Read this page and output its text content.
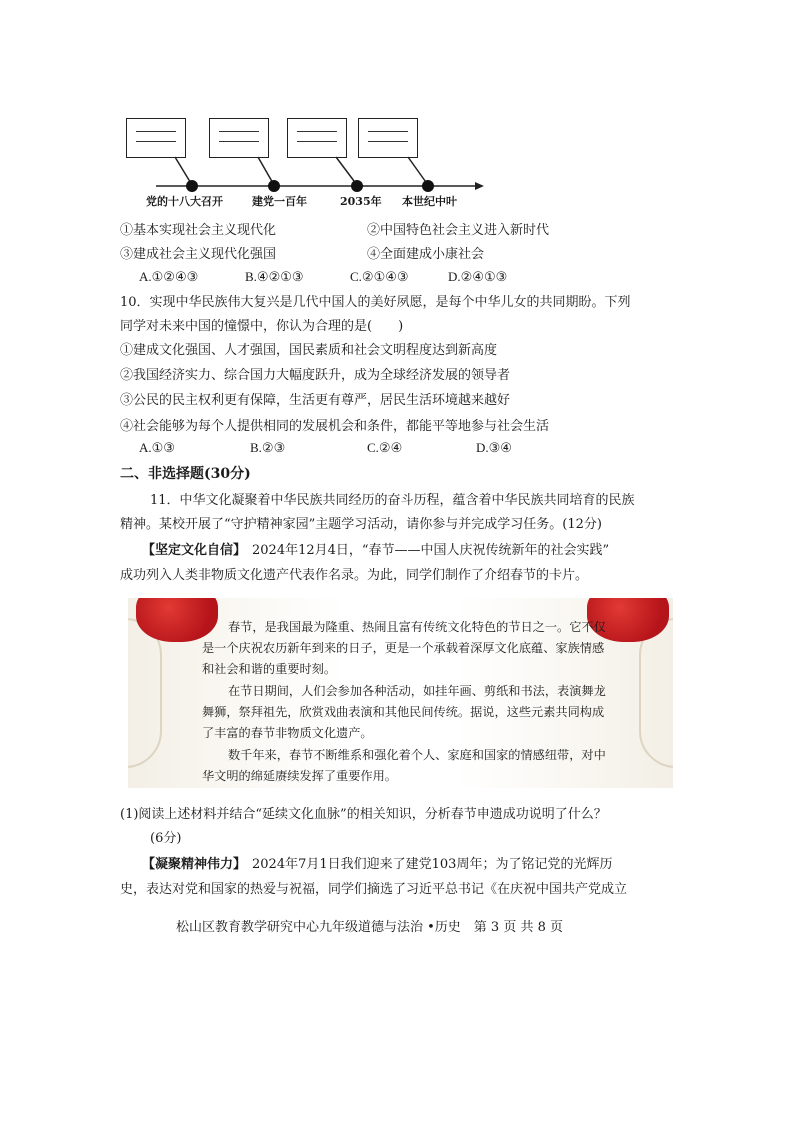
党的十八大召开	建党一百年	2035年 本世纪中叶
①基本实现社会主义现代化	②中国特色社会主义进入新时代
③建成社会主义现代化强国	④全面建成小康社会
A.①②④③	B.④②①③	C.②①④③	D.②④①③
10．实现中华民族伟大复兴是几代中国人的美好夙愿，是每个中华儿女的共同期盼。下列
同学对未来中国的憧憬中，你认为合理的是(　　)
①建成文化强国、人才强国，国民素质和社会文明程度达到新高度
②我国经济实力、综合国力大幅度跃升，成为全球经济发展的领导者
③公民的民主权利更有保障，生活更有尊严，居民生活环境越来越好
④社会能够为每个人提供相同的发展机会和条件，都能平等地参与社会生活
A.①③	B.②③	C.②④	D.③④
二、非选择题(30分)
11．中华文化凝聚着中华民族共同经历的奋斗历程，蕴含着中华民族共同培育的民族
精神。某校开展了“守护精神家园”主题学习活动，请你参与并完成学习任务。(12分)
【坚定文化自信】 2024年12月4日，“春节——中国人庆祝传统新年的社会实践”
成功列入人类非物质文化遗产代表作名录。为此，同学们制作了介绍春节的卡片。
春节，是我国最为隆重、热闹且富有传统文化特色的节日之一。它不仅
是一个庆祝农历新年到来的日子，更是一个承载着深厚文化底蕴、家族情感
和社会和谐的重要时刻。
在节日期间，人们会参加各种活动，如挂年画、剪纸和书法，表演舞龙
舞狮，祭拜祖先，欣赏戏曲表演和其他民间传统。据说，这些元素共同构成
了丰富的春节非物质文化遗产。
数千年来，春节不断维系和强化着个人、家庭和国家的情感纽带，对中
华文明的绵延赓续发挥了重要作用。
(1)阅读上述材料并结合“延续文化血脉”的相关知识，分析春节申遗成功说明了什么？
(6分)
【凝聚精神伟力】 2024年7月1日我们迎来了建党103周年；为了铭记党的光辉历
史，表达对党和国家的热爱与祝福，同学们摘选了习近平总书记《在庆祝中国共产党成立
松山区教育教学研究中心九年级道德与法治 •历史　第 3 页 共 8 页
